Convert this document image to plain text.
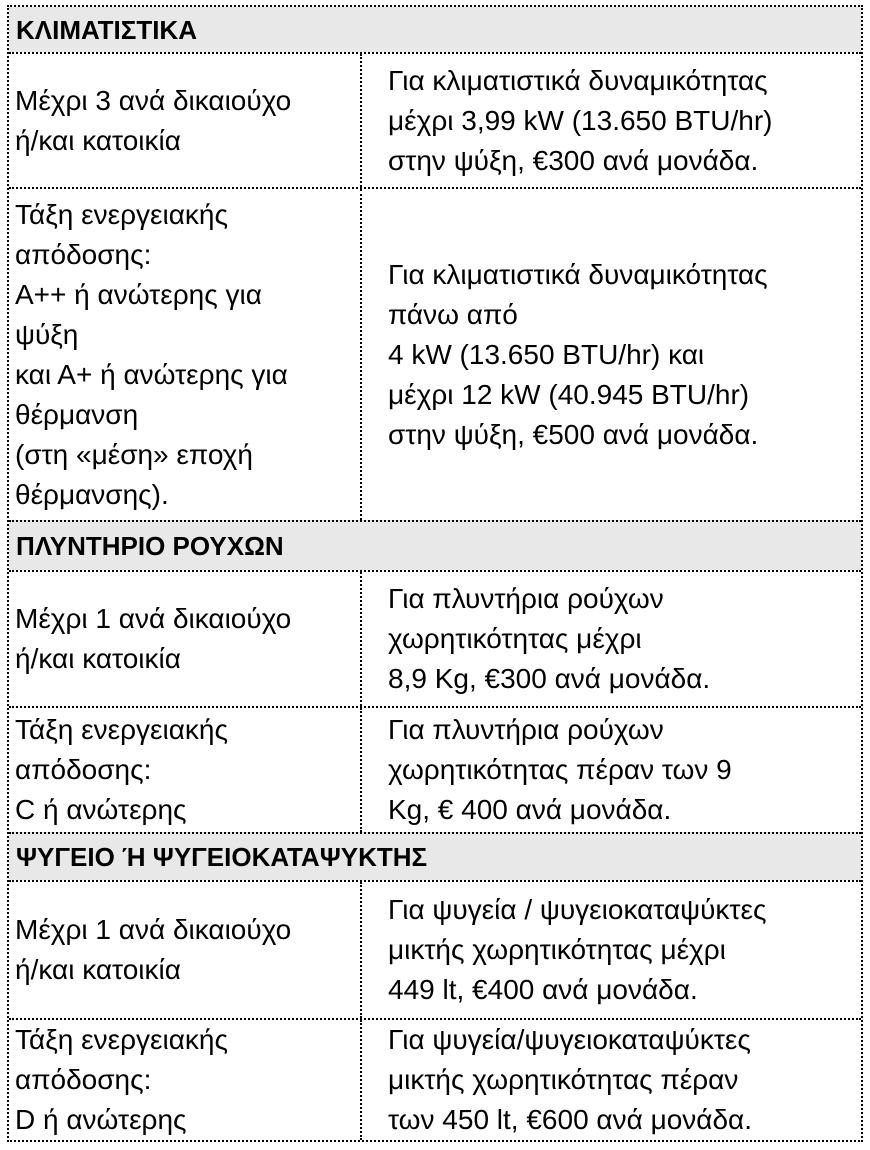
ΚΛΙΜΑΤΙΣΤΙΚΑ
Μέχρι 3 ανά δικαιούχο
ή/και κατοικία
Για κλιματιστικά δυναμικότητας
μέχρι 3,99 kW (13.650 BTU/hr)
στην ψύξη, €300 ανά μονάδα.
Τάξη ενεργειακής
απόδοσης:
Α++ ή ανώτερης για
ψύξη
και Α+ ή ανώτερης για
θέρμανση
(στη «μέση» εποχή
θέρμανσης).
Για κλιματιστικά δυναμικότητας
πάνω από
4 kW (13.650 BTU/hr) και
μέχρι 12 kW (40.945 BTU/hr)
στην ψύξη, €500 ανά μονάδα.
ΠΛΥΝΤΗΡΙΟ ΡΟΥΧΩΝ
Μέχρι 1 ανά δικαιούχο
ή/και κατοικία
Για πλυντήρια ρούχων
χωρητικότητας μέχρι
8,9 Kg, €300 ανά μονάδα.
Τάξη ενεργειακής
απόδοσης:
C ή ανώτερης
Για πλυντήρια ρούχων
χωρητικότητας πέραν των 9
Kg, € 400 ανά μονάδα.
ΨΥΓΕΙΟ Ή ΨΥΓΕΙΟΚΑΤΑΨΥΚΤΗΣ
Μέχρι 1 ανά δικαιούχο
ή/και κατοικία
Για ψυγεία / ψυγειοκαταψύκτες
μικτής χωρητικότητας μέχρι
449 lt, €400 ανά μονάδα.
Τάξη ενεργειακής
απόδοσης:
D ή ανώτερης
Για ψυγεία/ψυγειοκαταψύκτες
μικτής χωρητικότητας πέραν
των 450 lt, €600 ανά μονάδα.
